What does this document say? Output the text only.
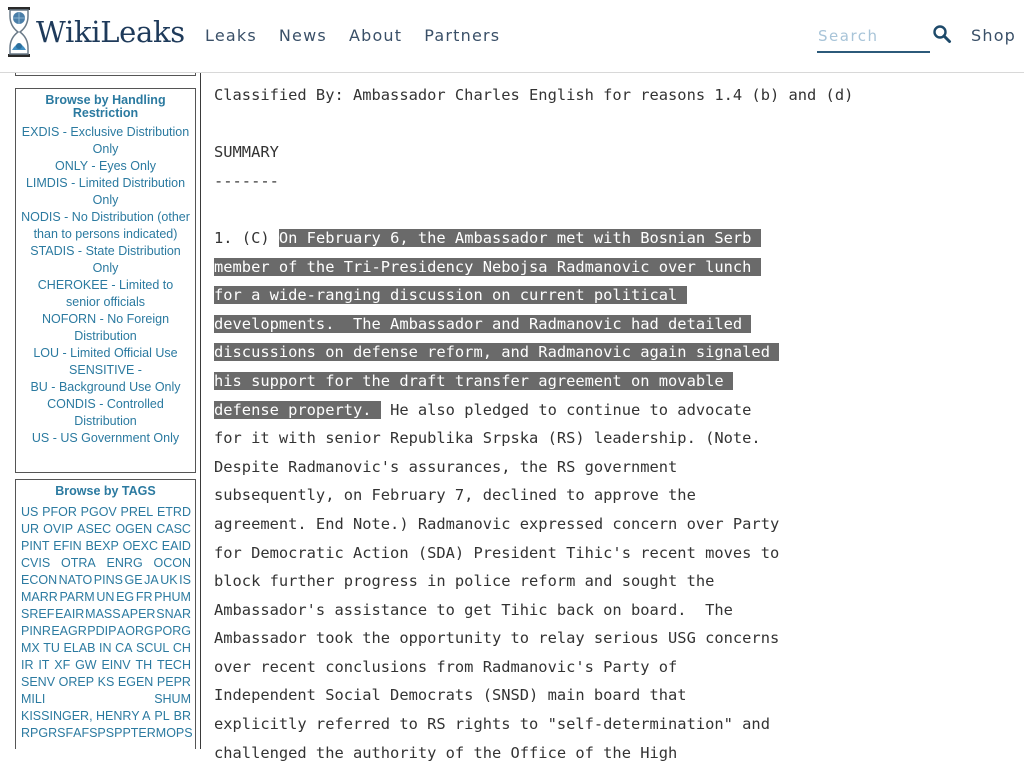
WikiLeaks Leaks News About Partners
Search	Shop
Browse by Handling Restriction
EXDIS - Exclusive Distribution Only
ONLY - Eyes Only
LIMDIS - Limited Distribution Only
NODIS - No Distribution (other than to persons indicated)
STADIS - State Distribution Only
CHEROKEE - Limited to senior officials
NOFORN - No Foreign Distribution
LOU - Limited Official Use
SENSITIVE -
BU - Background Use Only
CONDIS - Controlled Distribution
US - US Government Only
Browse by TAGS
US PFOR PGOV PREL ETRD
UR OVIP ASEC OGEN CASC
PINT EFIN BEXP OEXC EAID
CVIS OTRA ENRG OCON
ECON NATO PINS GE JA UK IS
MARR PARM UN EG FR PHUM
SREF EAIR MASS APER SNAR
PINR EAGR PDIP AORG PORG
MX TU ELAB IN CA SCUL CH
IR IT XF GW EINV TH TECH
SENV OREP KS EGEN PEPR
MILI	SHUM
KISSINGER, HENRY A PL BR
RP GR SF AFSP SP PTER MOPS
Classified By: Ambassador Charles English for reasons 1.4 (b) and (d)
SUMMARY
-------
1. (C) On February 6, the Ambassador met with Bosnian Serb
member of the Tri-Presidency Nebojsa Radmanovic over lunch
for a wide-ranging discussion on current political
developments.  The Ambassador and Radmanovic had detailed
discussions on defense reform, and Radmanovic again signaled
his support for the draft transfer agreement on movable
defense property.  He also pledged to continue to advocate
for it with senior Republika Srpska (RS) leadership. (Note.
Despite Radmanovic's assurances, the RS government
subsequently, on February 7, declined to approve the
agreement. End Note.) Radmanovic expressed concern over Party
for Democratic Action (SDA) President Tihic's recent moves to
block further progress in police reform and sought the
Ambassador's assistance to get Tihic back on board.  The
Ambassador took the opportunity to relay serious USG concerns
over recent conclusions from Radmanovic's Party of
Independent Social Democrats (SNSD) main board that
explicitly referred to RS rights to "self-determination" and
challenged the authority of the Office of the High
